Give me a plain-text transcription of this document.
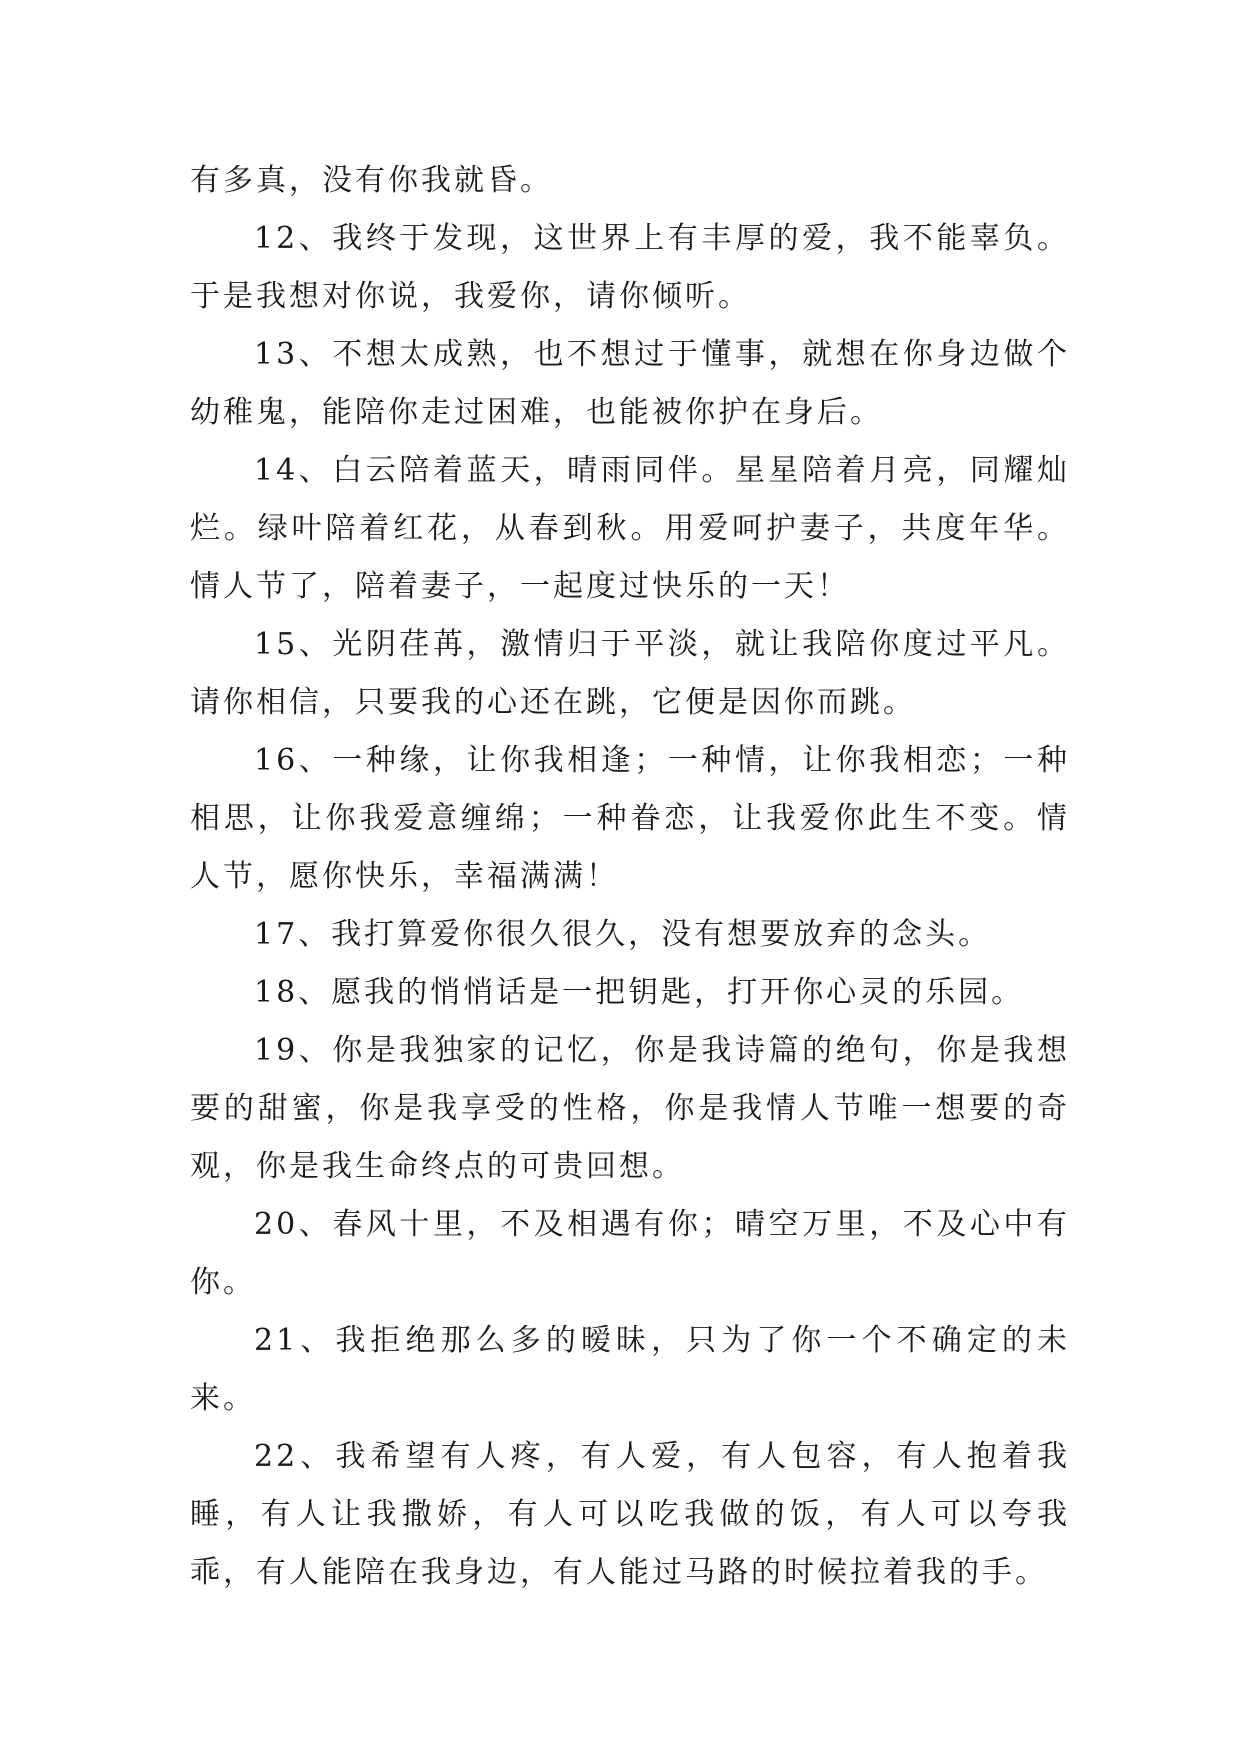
有多真，没有你我就昏。

12、我终于发现，这世界上有丰厚的爱，我不能辜负。于是我想对你说，我爱你，请你倾听。

13、不想太成熟，也不想过于懂事，就想在你身边做个幼稚鬼，能陪你走过困难，也能被你护在身后。

14、白云陪着蓝天，晴雨同伴。星星陪着月亮，同耀灿烂。绿叶陪着红花，从春到秋。用爱呵护妻子，共度年华。情人节了，陪着妻子，一起度过快乐的一天！

15、光阴荏苒，激情归于平淡，就让我陪你度过平凡。请你相信，只要我的心还在跳，它便是因你而跳。

16、一种缘，让你我相逢；一种情，让你我相恋；一种相思，让你我爱意缠绵；一种眷恋，让我爱你此生不变。情人节，愿你快乐，幸福满满！

17、我打算爱你很久很久，没有想要放弃的念头。

18、愿我的悄悄话是一把钥匙，打开你心灵的乐园。

19、你是我独家的记忆，你是我诗篇的绝句，你是我想要的甜蜜，你是我享受的性格，你是我情人节唯一想要的奇观，你是我生命终点的可贵回想。

20、春风十里，不及相遇有你；晴空万里，不及心中有你。

21、我拒绝那么多的暧昧，只为了你一个不确定的未来。

22、我希望有人疼，有人爱，有人包容，有人抱着我睡，有人让我撒娇，有人可以吃我做的饭，有人可以夸我乖，有人能陪在我身边，有人能过马路的时候拉着我的手。
